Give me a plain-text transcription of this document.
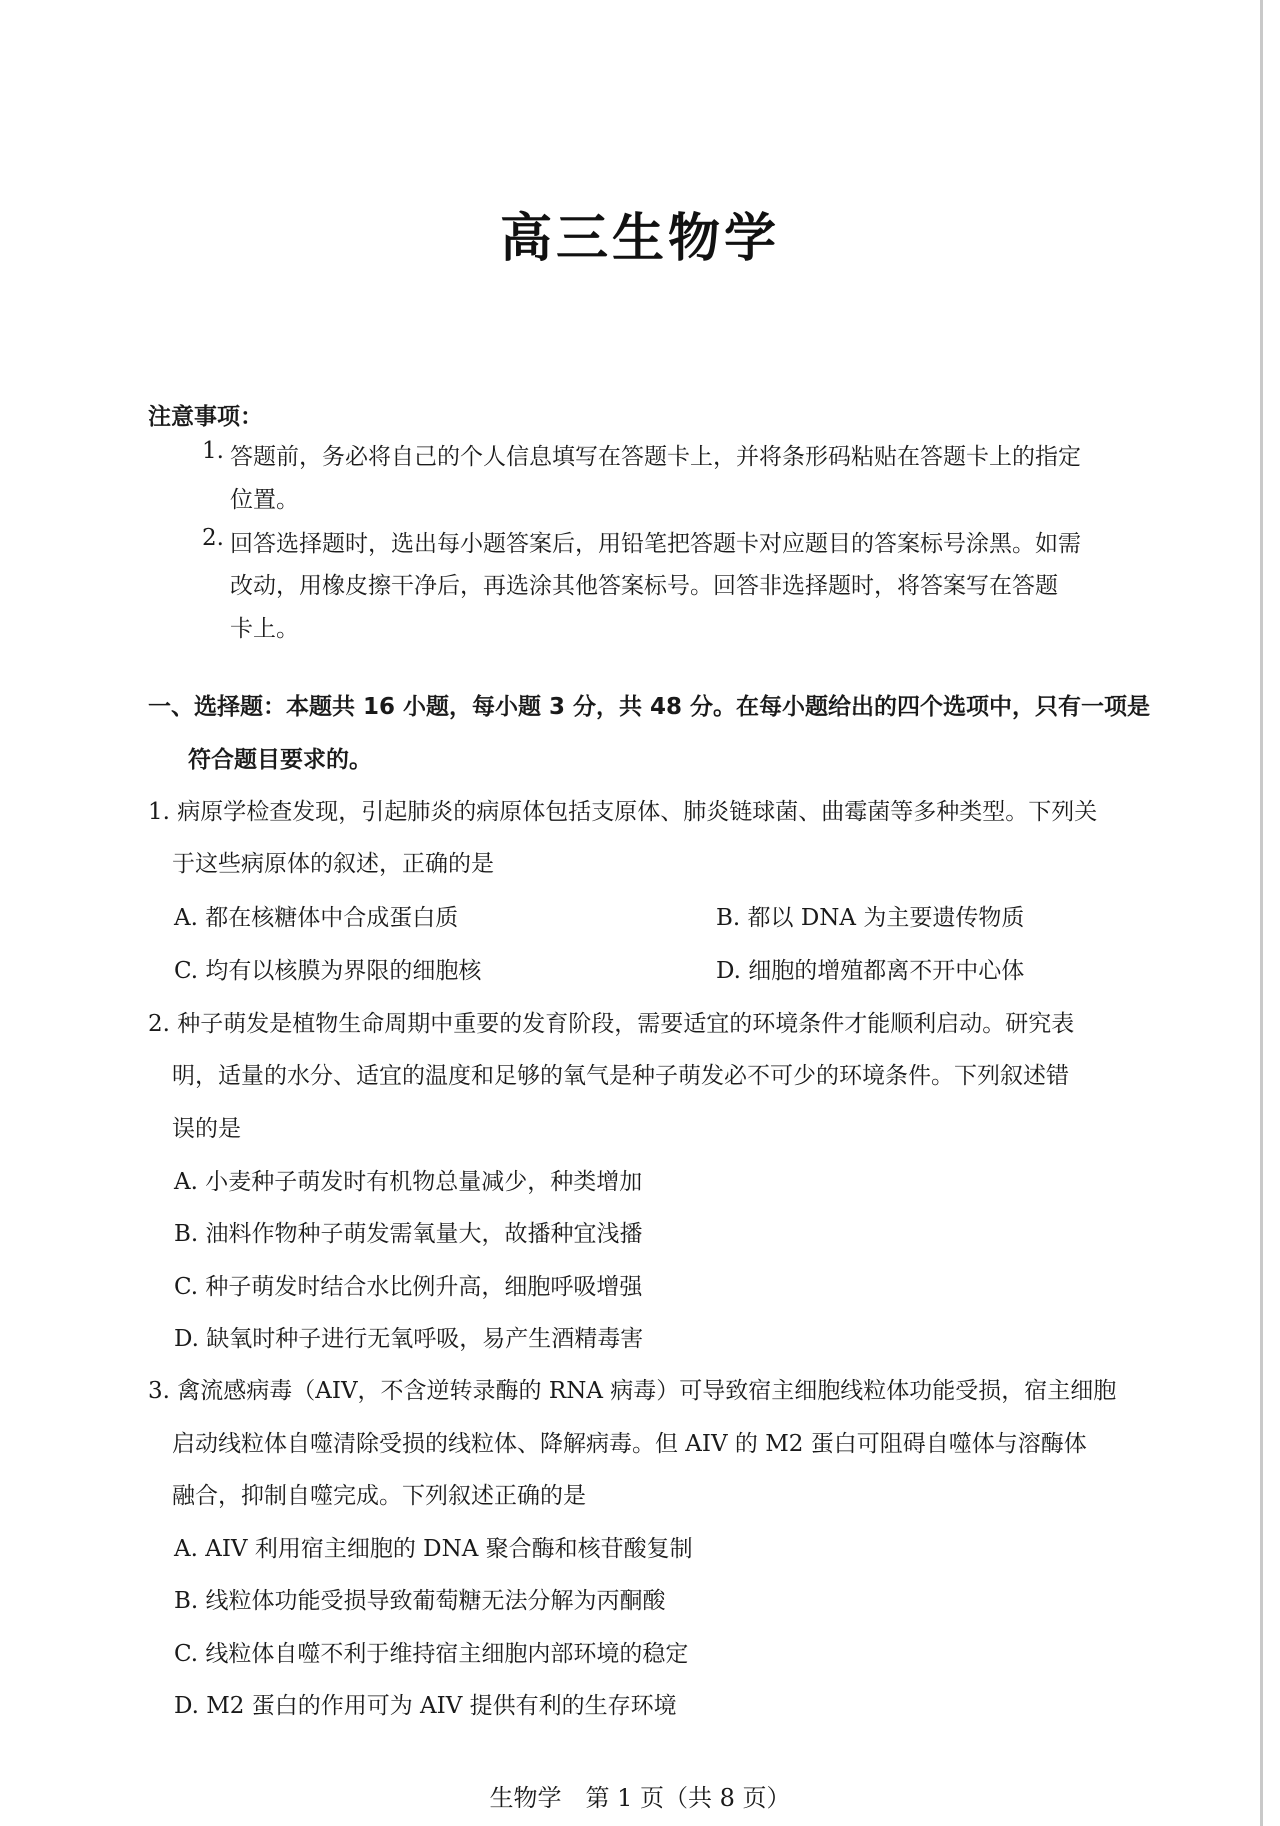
高三生物学
注意事项：
1. 答题前，务必将自己的个人信息填写在答题卡上，并将条形码粘贴在答题卡上的指定
位置。
2. 回答选择题时，选出每小题答案后，用铅笔把答题卡对应题目的答案标号涂黑。如需
改动，用橡皮擦干净后，再选涂其他答案标号。回答非选择题时，将答案写在答题
卡上。
一、选择题：本题共 16 小题，每小题 3 分，共 48 分。在每小题给出的四个选项中，只有一项是
符合题目要求的。
1. 病原学检查发现，引起肺炎的病原体包括支原体、肺炎链球菌、曲霉菌等多种类型。下列关
于这些病原体的叙述，正确的是
A. 都在核糖体中合成蛋白质	B. 都以 DNA 为主要遗传物质
C. 均有以核膜为界限的细胞核	D. 细胞的增殖都离不开中心体
2. 种子萌发是植物生命周期中重要的发育阶段，需要适宜的环境条件才能顺利启动。研究表
明，适量的水分、适宜的温度和足够的氧气是种子萌发必不可少的环境条件。下列叙述错
误的是
A. 小麦种子萌发时有机物总量减少，种类增加
B. 油料作物种子萌发需氧量大，故播种宜浅播
C. 种子萌发时结合水比例升高，细胞呼吸增强
D. 缺氧时种子进行无氧呼吸，易产生酒精毒害
3. 禽流感病毒（AIV，不含逆转录酶的 RNA 病毒）可导致宿主细胞线粒体功能受损，宿主细胞
启动线粒体自噬清除受损的线粒体、降解病毒。但 AIV 的 M2 蛋白可阻碍自噬体与溶酶体
融合，抑制自噬完成。下列叙述正确的是
A. AIV 利用宿主细胞的 DNA 聚合酶和核苷酸复制
B. 线粒体功能受损导致葡萄糖无法分解为丙酮酸
C. 线粒体自噬不利于维持宿主细胞内部环境的稳定
D. M2 蛋白的作用可为 AIV 提供有利的生存环境
生物学　第 1 页（共 8 页）
